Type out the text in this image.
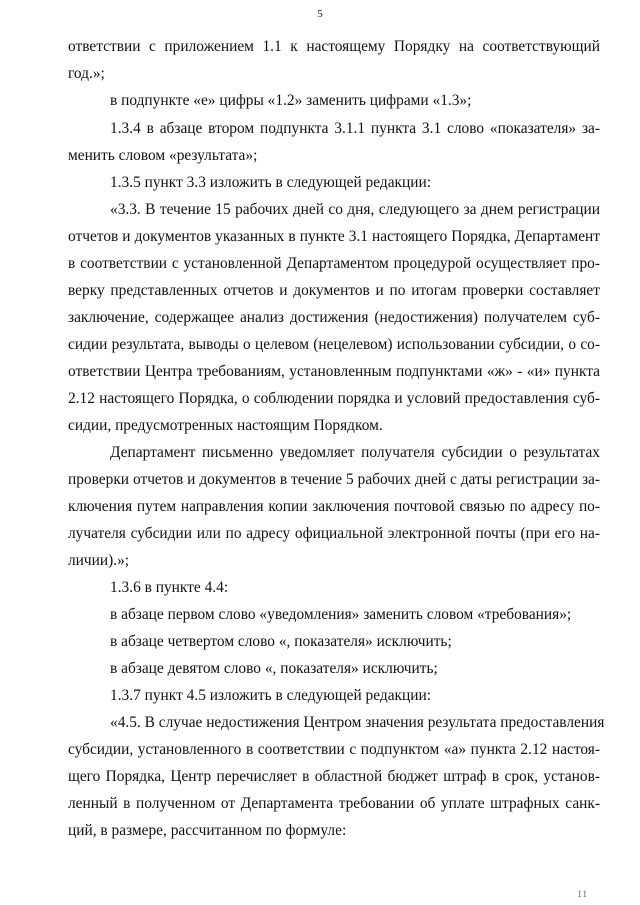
5
ответствии с приложением 1.1 к настоящему Порядку на соответствующий
год.»;
в подпункте «е» цифры «1.2» заменить цифрами «1.3»;
1.3.4 в абзаце втором подпункта 3.1.1 пункта 3.1 слово «показателя» за-
менить словом «результата»;
1.3.5 пункт 3.3 изложить в следующей редакции:
«3.3. В течение 15 рабочих дней со дня, следующего за днем регистрации
отчетов и документов указанных в пункте 3.1 настоящего Порядка, Департамент
в соответствии с установленной Департаментом процедурой осуществляет про-
верку представленных отчетов и документов и по итогам проверки составляет
заключение, содержащее анализ достижения (недостижения) получателем суб-
сидии результата, выводы о целевом (нецелевом) использовании субсидии, о со-
ответствии Центра требованиям, установленным подпунктами «ж» - «и» пункта
2.12 настоящего Порядка, о соблюдении порядка и условий предоставления суб-
сидии, предусмотренных настоящим Порядком.
Департамент письменно уведомляет получателя субсидии о результатах
проверки отчетов и документов в течение 5 рабочих дней с даты регистрации за-
ключения путем направления копии заключения почтовой связью по адресу по-
лучателя субсидии или по адресу официальной электронной почты (при его на-
личии).»;
1.3.6 в пункте 4.4:
в абзаце первом слово «уведомления» заменить словом «требования»;
в абзаце четвертом слово «, показателя» исключить;
в абзаце девятом слово «, показателя» исключить;
1.3.7 пункт 4.5 изложить в следующей редакции:
«4.5. В случае недостижения Центром значения результата предоставления
субсидии, установленного в соответствии с подпунктом «а» пункта 2.12 настоя-
щего Порядка, Центр перечисляет в областной бюджет штраф в срок, установ-
ленный в полученном от Департамента требовании об уплате штрафных санк-
ций, в размере, рассчитанном по формуле:
11
